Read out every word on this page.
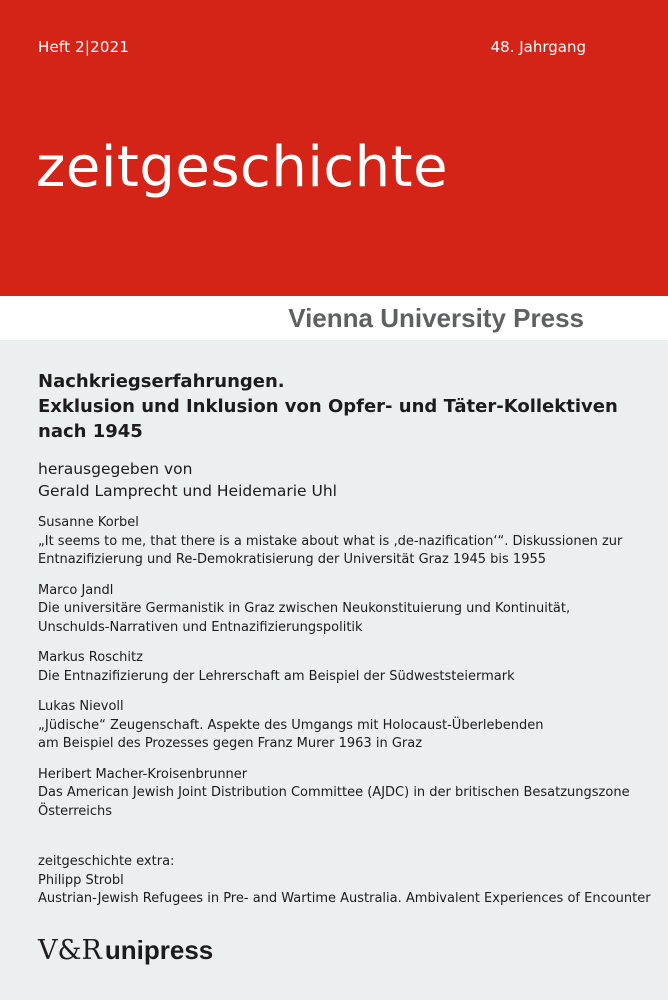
Heft 2|2021	48. Jahrgang
zeitgeschichte
Vienna University Press
Nachkriegserfahrungen.
Exklusion und Inklusion von Opfer- und Täter-Kollektiven
nach 1945
herausgegeben von
Gerald Lamprecht und Heidemarie Uhl
Susanne Korbel
„It seems to me, that there is a mistake about what is ‚de-nazification‘“. Diskussionen zur
Entnazifizierung und Re-Demokratisierung der Universität Graz 1945 bis 1955
Marco Jandl
Die universitäre Germanistik in Graz zwischen Neukonstituierung und Kontinuität,
Unschulds-Narrativen und Entnazifizierungspolitik
Markus Roschitz
Die Entnazifizierung der Lehrerschaft am Beispiel der Südweststeiermark
Lukas Nievoll
„Jüdische“ Zeugenschaft. Aspekte des Umgangs mit Holocaust-Überlebenden
am Beispiel des Prozesses gegen Franz Murer 1963 in Graz
Heribert Macher-Kroisenbrunner
Das American Jewish Joint Distribution Committee (AJDC) in der britischen Besatzungszone
Österreichs
zeitgeschichte extra:
Philipp Strobl
Austrian-Jewish Refugees in Pre- and Wartime Australia. Ambivalent Experiences of Encounter
V&R unipress
